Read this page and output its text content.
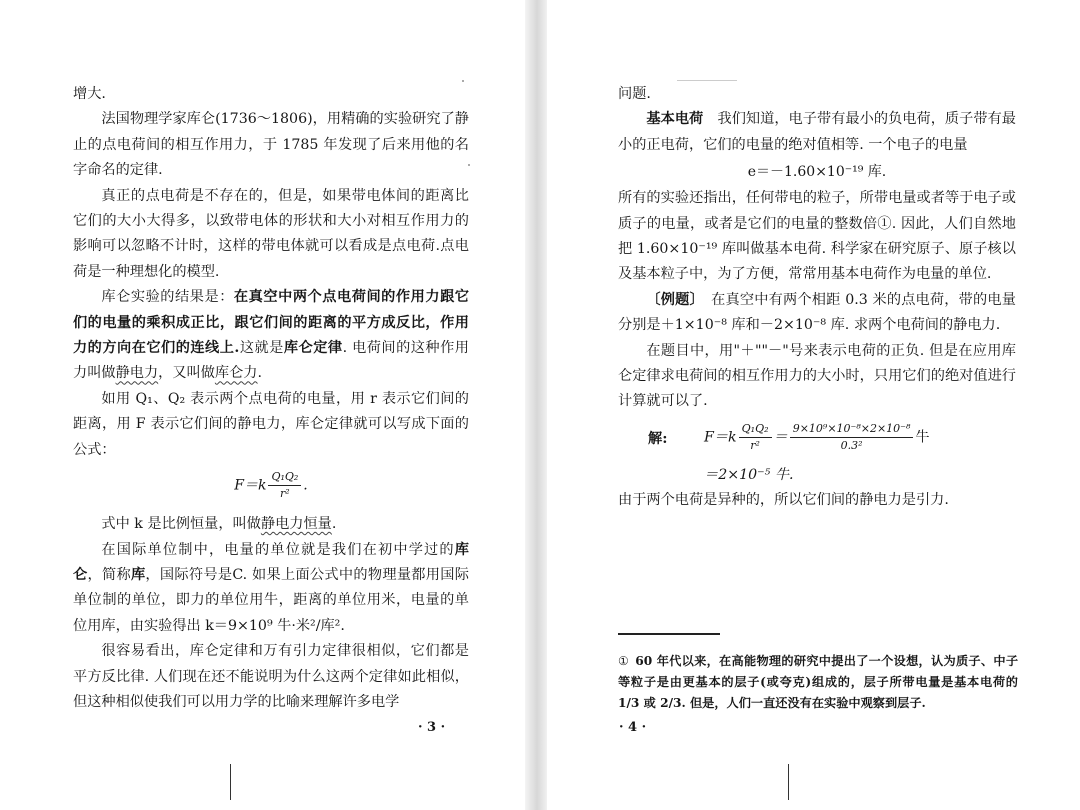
增大.

法国物理学家库仑(1736～1806)，用精确的实验研究了静止的点电荷间的相互作用力，于 1785 年发现了后来用他的名字命名的定律.

真正的点电荷是不存在的，但是，如果带电体间的距离比它们的大小大得多，以致带电体的形状和大小对相互作用力的影响可以忽略不计时，这样的带电体就可以看成是点电荷.点电荷是一种理想化的模型.

库仑实验的结果是：在真空中两个点电荷间的作用力跟它们的电量的乘积成正比，跟它们间的距离的平方成反比，作用力的方向在它们的连线上.这就是库仑定律. 电荷间的这种作用力叫做静电力，又叫做库仑力.

如用 Q₁、Q₂ 表示两个点电荷的电量，用 r 表示它们间的距离，用 F 表示它们间的静电力，库仑定律就可以写成下面的公式：

$F=k \frac{\text{Q₁Q₂}}{\text{r²}}$ .

式中 k 是比例恒量，叫做静电力恒量.

在国际单位制中，电量的单位就是我们在初中学过的库仑，简称库，国际符号是C. 如果上面公式中的物理量都用国际单位制的单位，即力的单位用牛，距离的单位用米，电量的单位用库，由实验得出 k＝9×10⁹ 牛·米²/库².

很容易看出，库仑定律和万有引力定律很相似，它们都是平方反比律. 人们现在还不能说明为什么这两个定律如此相似，但这种相似使我们可以用力学的比喻来理解许多电学

· 3 ·

问题.

基本电荷　 我们知道，电子带有最小的负电荷，质子带有最小的正电荷，它们的电量的绝对值相等. 一个电子的电量

e＝－1.60×10⁻¹⁹ 库.

所有的实验还指出，任何带电的粒子，所带电量或者等于电子或质子的电量，或者是它们的电量的整数倍①. 因此，人们自然地把 1.60×10⁻¹⁹ 库叫做基本电荷. 科学家在研究原子、原子核以及基本粒子中，为了方便，常常用基本电荷作为电量的单位.

〔例题〕　 在真空中有两个相距 0.3 米的点电荷，带的电量分别是＋1×10⁻⁸ 库和－2×10⁻⁸ 库. 求两个电荷间的静电力.

在题目中，用"＋""－"号来表示电荷的正负. 但是在应用库仑定律求电荷间的相互作用力的大小时，只用它们的绝对值进行计算就可以了.

解:	$F=k \frac{\text{Q₁Q₂}}{\text{r²}} = \frac{\text{9×10⁹×10⁻⁸×2×10⁻⁸}}{\text{0.3²}}$ 牛
＝2×10⁻⁵ 牛.

由于两个电荷是异种的，所以它们间的静电力是引力.

① 60 年代以来，在高能物理的研究中提出了一个设想，认为质子、中子等粒子是由更基本的层子(或夸克)组成的，层子所带电量是基本电荷的 1/3 或 2/3. 但是，人们一直还没有在实验中观察到层子.
· 4 ·
